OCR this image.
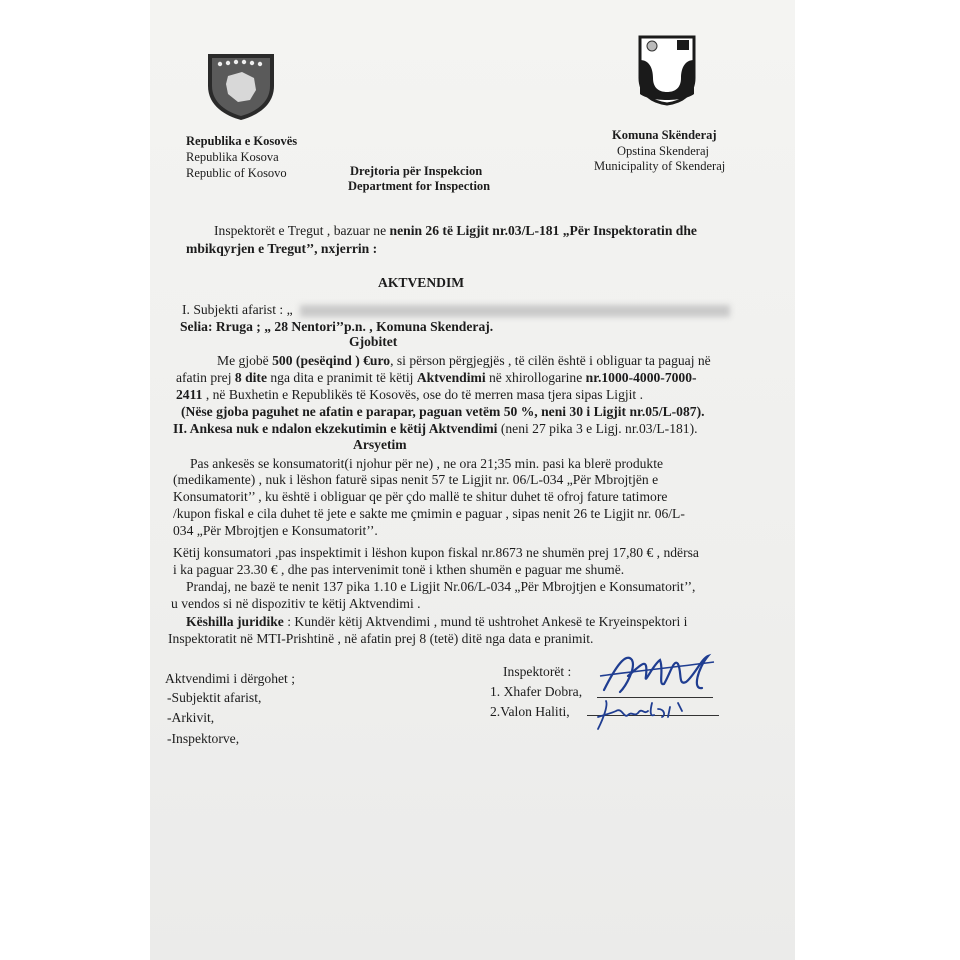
Republika e Kosovës
Republika Kosova
Republic of Kosovo	Drejtoria për Inspekcion
Department for Inspection
Komuna Skënderaj
Opstina Skenderaj
Municipality of Skenderaj
Inspektorët e Tregut , bazuar ne nenin 26 të Ligjit nr.03/L-181 „Për Inspektoratin dhe
mbikqyrjen e Tregut’’, nxjerrin :
AKTVENDIM
I. Subjekti afarist : „
Selia: Rruga ; „ 28 Nentori’’p.n. , Komuna Skenderaj.
Gjobitet
Me gjobë 500 (pesëqind ) €uro, si përson përgjegjës , të cilën është i obliguar ta paguaj në
afatin prej 8 dite nga dita e pranimit të këtij Aktvendimi në xhirollogarine nr.1000-4000-7000-
2411 , në Buxhetin e Republikës të Kosovës, ose do të merren masa tjera sipas Ligjit .
(Nëse gjoba paguhet ne afatin e parapar, paguan vetëm 50 %, neni 30 i Ligjit nr.05/L-087).
II. Ankesa nuk e ndalon ekzekutimin e këtij Aktvendimi (neni 27 pika 3 e Ligj. nr.03/L-181).
Arsyetim
Pas ankesës se konsumatorit(i njohur për ne) , ne ora 21;35 min. pasi ka blerë produkte
(medikamente) , nuk i lëshon faturë sipas nenit 57 te Ligjit nr. 06/L-034 „Për Mbrojtjën e
Konsumatorit’’ , ku është i obliguar qe për çdo mallë te shitur duhet të ofroj fature tatimore
/kupon fiskal e cila duhet të jete e sakte me çmimin e paguar , sipas nenit 26 te Ligjit nr. 06/L-
034 „Për Mbrojtjen e Konsumatorit’’.
Këtij konsumatori ,pas inspektimit i lëshon kupon fiskal nr.8673 ne shumën prej 17,80 € , ndërsa
i ka paguar 23.30 € , dhe pas intervenimit tonë i kthen shumën e paguar me shumë.
Prandaj, ne bazë te nenit 137 pika 1.10 e Ligjit Nr.06/L-034 „Për Mbrojtjen e Konsumatorit’’,
u vendos si në dispozitiv te këtij Aktvendimi .
Këshilla juridike : Kundër këtij Aktvendimi , mund të ushtrohet Ankesë te Kryeinspektori i
Inspektoratit në MTI-Prishtinë , në afatin prej 8 (tetë) ditë nga data e pranimit.
Aktvendimi i dërgohet ;
-Subjektit afarist,
-Arkivit,
-Inspektorve,
Inspektorët :
1. Xhafer Dobra,
2.Valon Haliti,
